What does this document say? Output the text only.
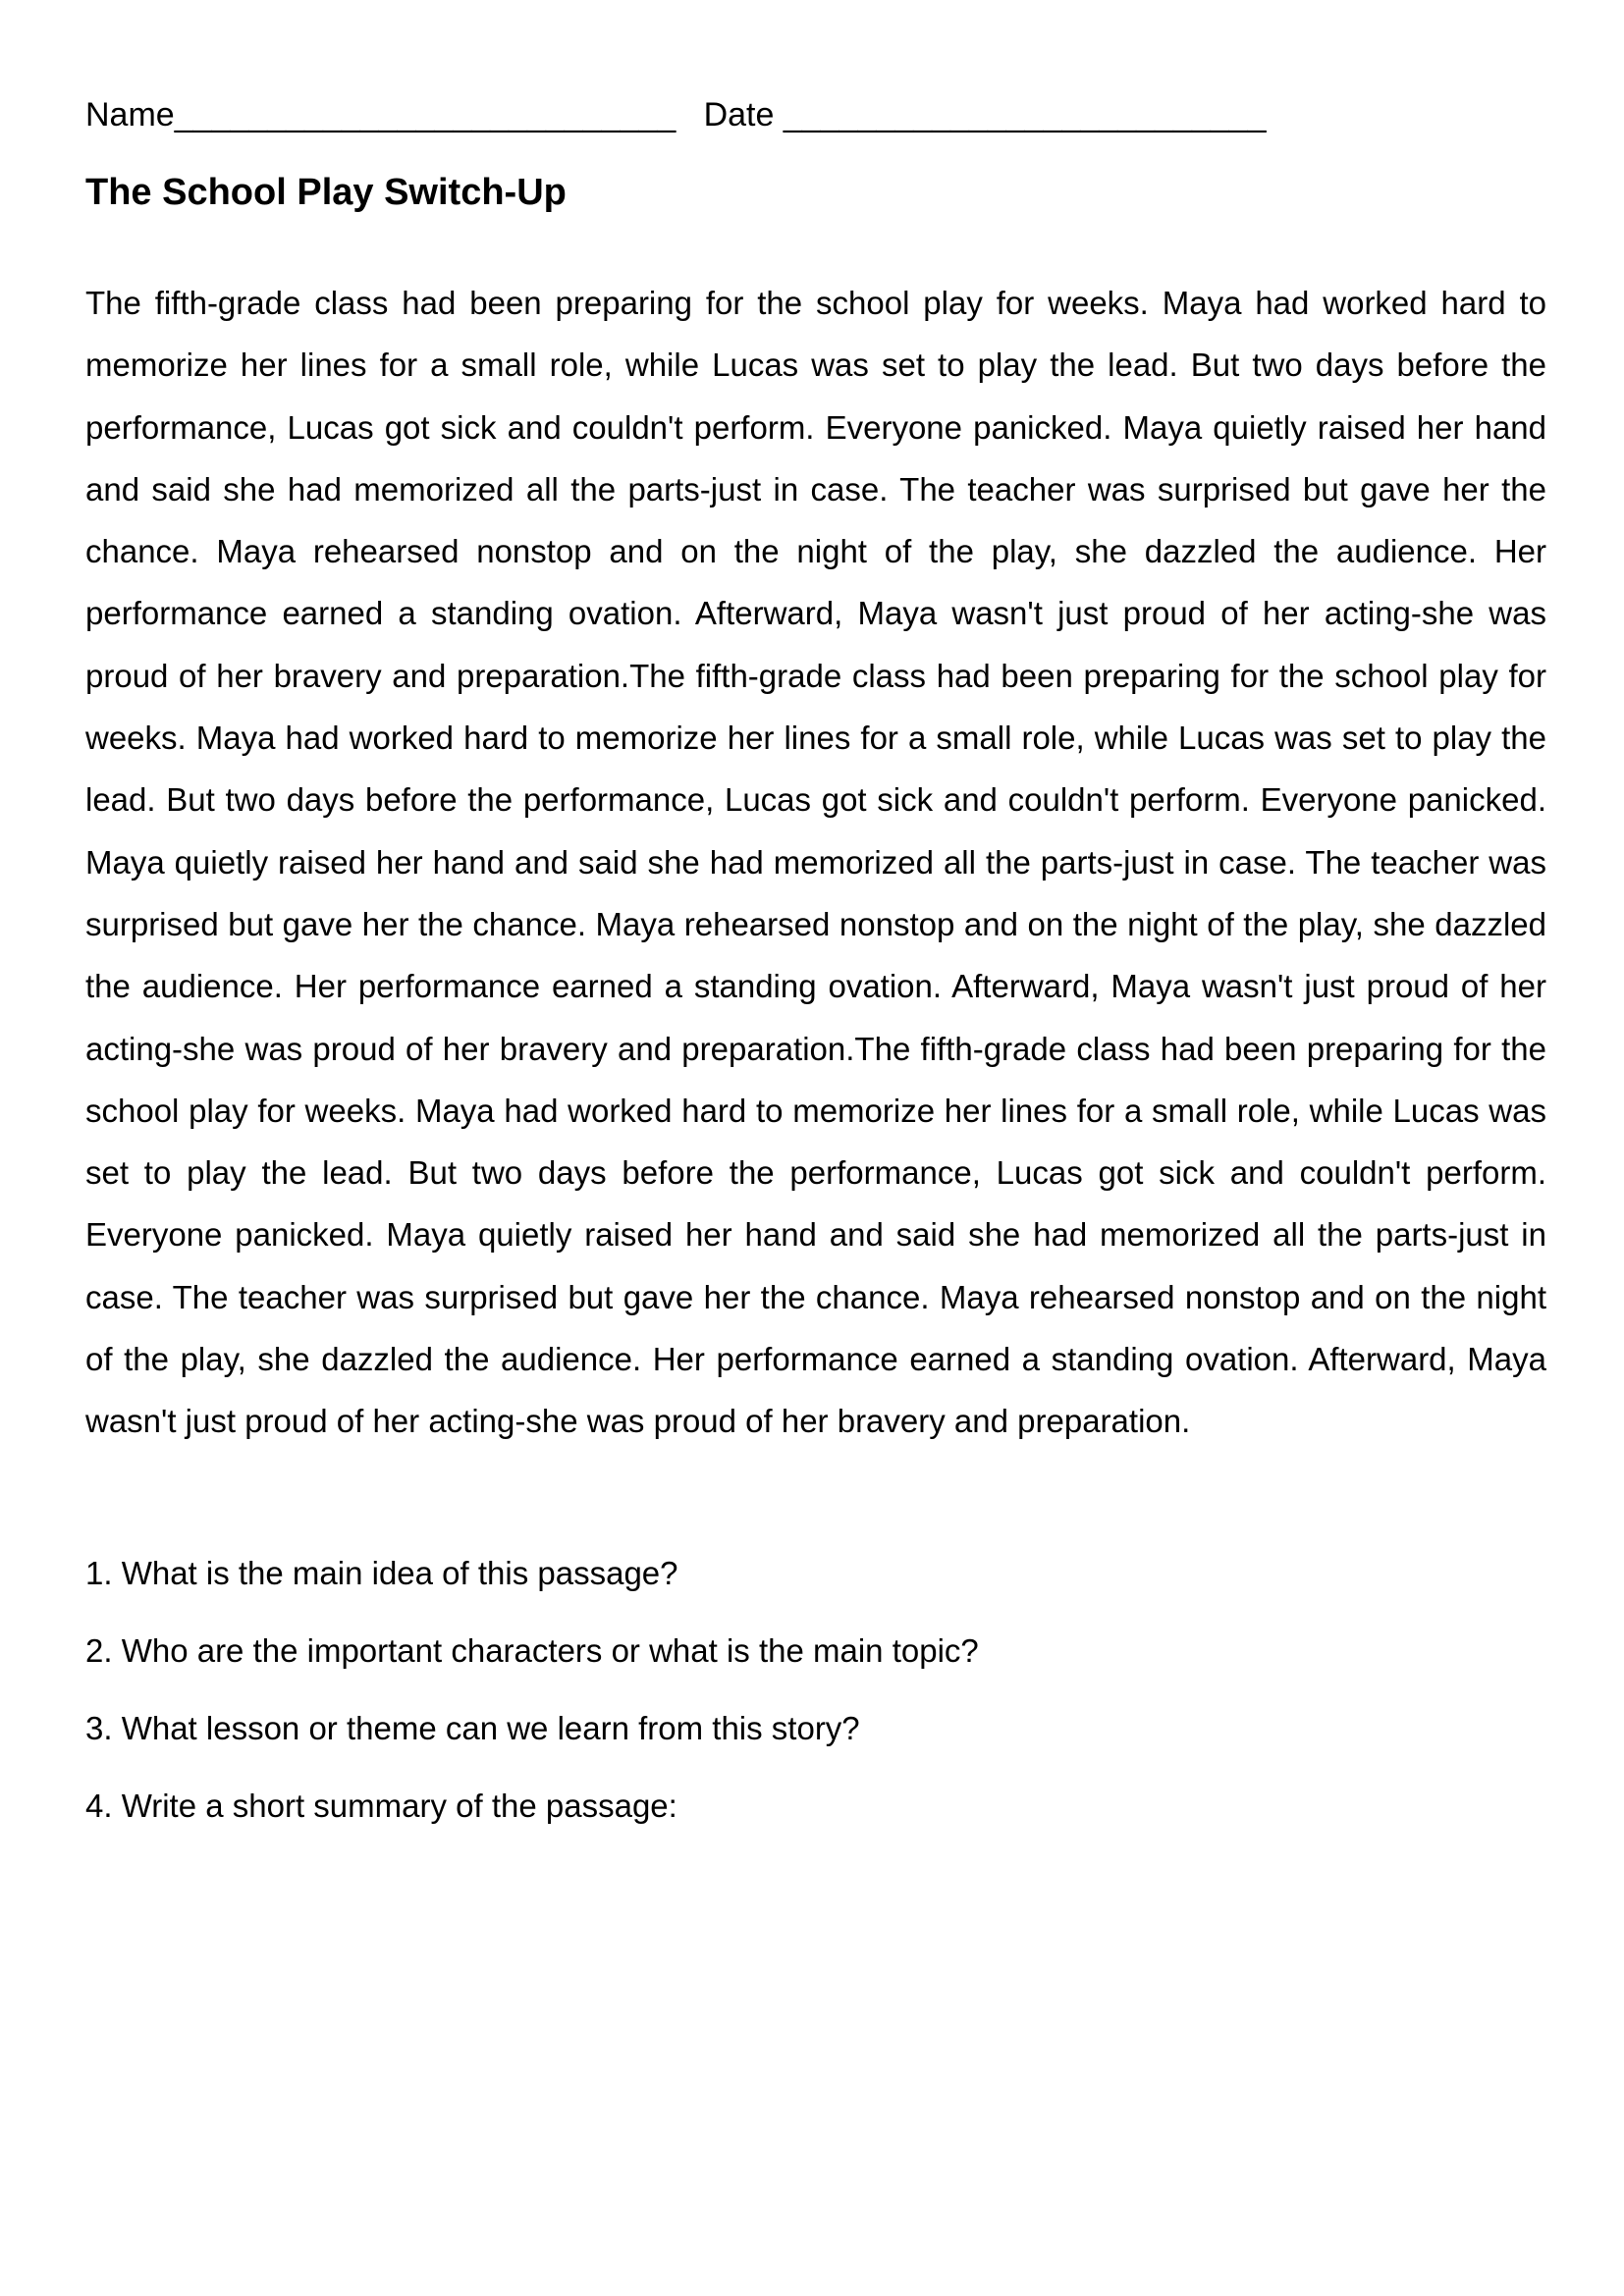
Name___________________________ Date __________________________
The School Play Switch-Up

The fifth-grade class had been preparing for the school play for weeks. Maya had worked hard to memorize her lines for a small role, while Lucas was set to play the lead. But two days before the performance, Lucas got sick and couldn't perform. Everyone panicked. Maya quietly raised her hand and said she had memorized all the parts-just in case. The teacher was surprised but gave her the chance. Maya rehearsed nonstop and on the night of the play, she dazzled the audience. Her performance earned a standing ovation. Afterward, Maya wasn't just proud of her acting-she was proud of her bravery and preparation.The fifth-grade class had been preparing for the school play for weeks. Maya had worked hard to memorize her lines for a small role, while Lucas was set to play the lead. But two days before the performance, Lucas got sick and couldn't perform. Everyone panicked. Maya quietly raised her hand and said she had memorized all the parts-just in case. The teacher was surprised but gave her the chance. Maya rehearsed nonstop and on the night of the play, she dazzled the audience. Her performance earned a standing ovation. Afterward, Maya wasn't just proud of her acting-she was proud of her bravery and preparation.The fifth-grade class had been preparing for the school play for weeks. Maya had worked hard to memorize her lines for a small role, while Lucas was set to play the lead. But two days before the performance, Lucas got sick and couldn't perform. Everyone panicked. Maya quietly raised her hand and said she had memorized all the parts-just in case. The teacher was surprised but gave her the chance. Maya rehearsed nonstop and on the night of the play, she dazzled the audience. Her performance earned a standing ovation. Afterward, Maya wasn't just proud of her acting-she was proud of her bravery and preparation.

1. What is the main idea of this passage?
2. Who are the important characters or what is the main topic?
3. What lesson or theme can we learn from this story?
4. Write a short summary of the passage:
